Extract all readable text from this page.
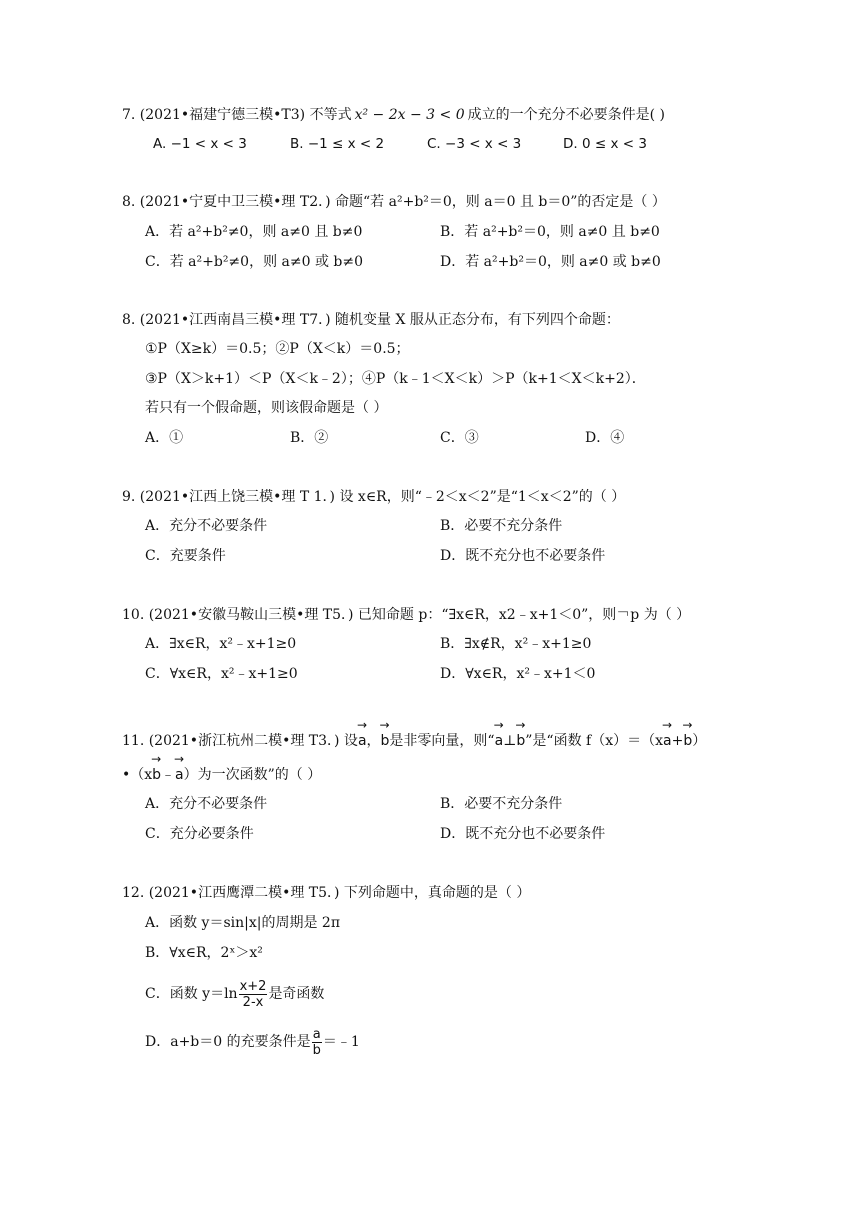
7. (2021•福建宁德三模•T3) 不等式 x² − 2x − 3 < 0 成立的一个充分不必要条件是( )
A. −1 < x < 3	B. −1 ≤ x < 2	C. −3 < x < 3	D. 0 ≤ x < 3
8. (2021•宁夏中卫三模•理 T2．) 命题“若 a²+b²＝0，则 a＝0 且 b＝0”的否定是（ ）
A．若 a²+b²≠0，则 a≠0 且 b≠0	B．若 a²+b²＝0，则 a≠0 且 b≠0
C．若 a²+b²≠0，则 a≠0 或 b≠0	D．若 a²+b²＝0，则 a≠0 或 b≠0
8. (2021•江西南昌三模•理 T7．) 随机变量 X 服从正态分布，有下列四个命题：
①P（X≥k）＝0.5；②P（X＜k）＝0.5；
③P（X＞k+1）＜P（X＜k﹣2）；④P（k﹣1＜X＜k）＞P（k+1＜X＜k+2）．
若只有一个假命题，则该假命题是（ ）
A．①	B．②	C．③	D．④
9. (2021•江西上饶三模•理 T 1．) 设 x∈R，则“﹣2＜x＜2”是“1＜x＜2”的（ ）
A．充分不必要条件	B．必要不充分条件
C．充要条件	D．既不充分也不必要条件
10. (2021•安徽马鞍山三模•理 T5．) 已知命题 p：“∃x∈R，x2﹣x+1＜0”，则￢p 为（ ）
A．∃x∈R，x²﹣x+1≥0	B．∃x∉R，x²﹣x+1≥0
C．∀x∈R，x²﹣x+1≥0	D．∀x∈R，x²﹣x+1＜0
11. (2021•浙江杭州二模•理 T3．) 设→ a，→ b是非零向量，则“→ a⊥→ b”是“函数 f（x）＝（x→ a+→ b）
•（x→ b﹣→ a）为一次函数”的（ ）
A．充分不必要条件	B．必要不充分条件
C．充分必要条件	D．既不充分也不必要条件
12. (2021•江西鹰潭二模•理 T5．) 下列命题中，真命题的是（ ）
A．函数 y＝sin|x|的周期是 2π
B．∀x∈R，2ˣ＞x²
C．函数 $y=\ln \frac{x+2}{2-x}$ 是奇函数
D．a+b＝0 的充要条件是 $\frac{a}{b}$ ＝﹣1
